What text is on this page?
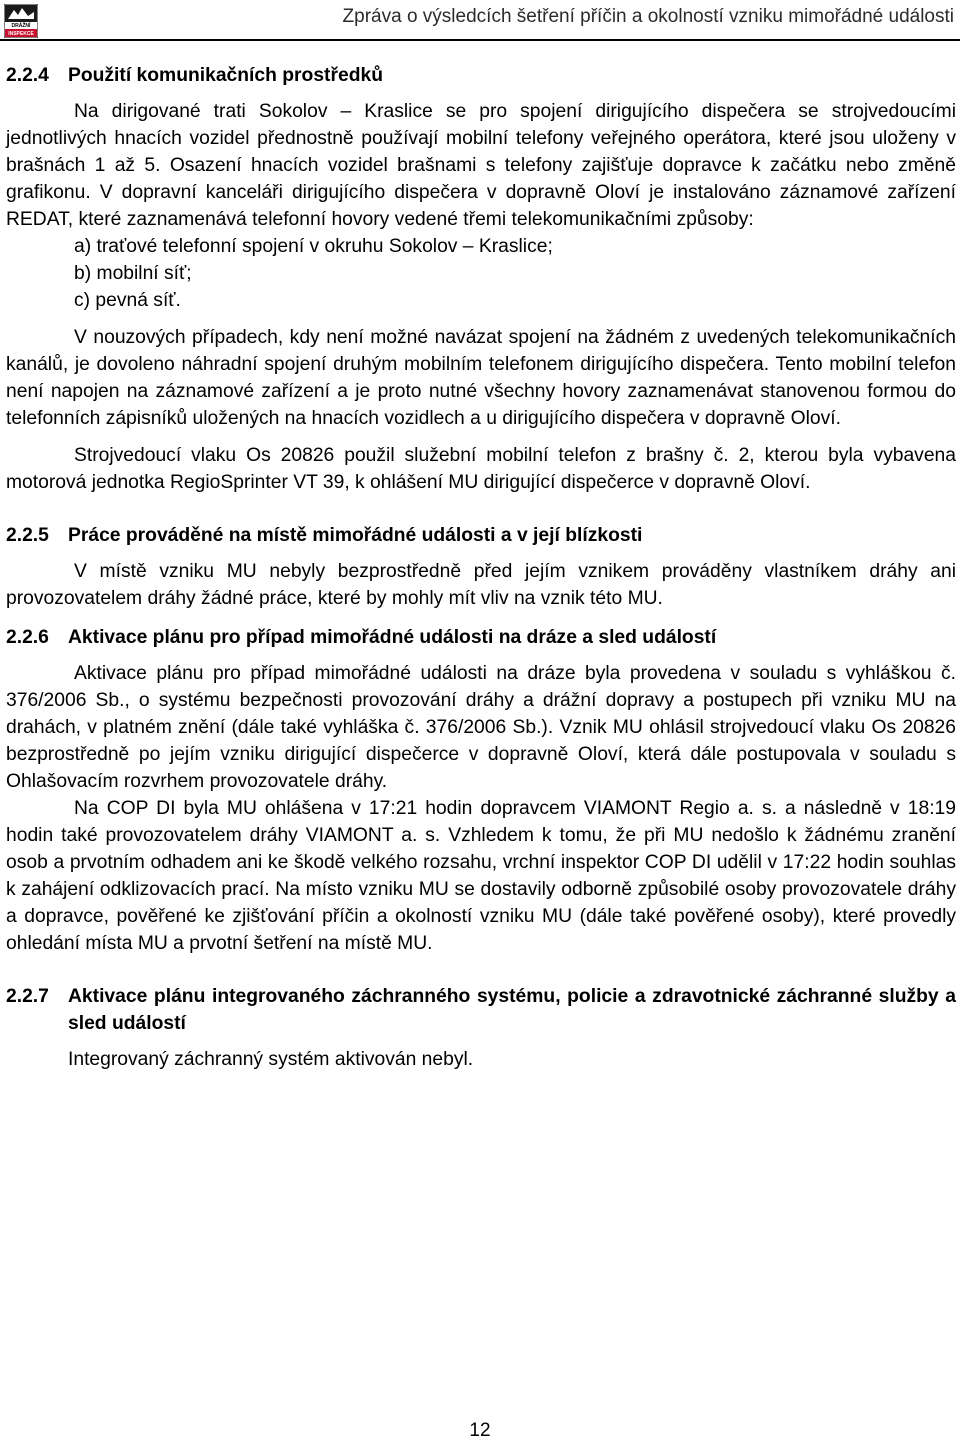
DRÁŽNÍ
INSPEKCE
Zpráva o výsledcích šetření příčin a okolností vzniku mimořádné události
2.2.4 Použití komunikačních prostředků

Na dirigované trati Sokolov – Kraslice se pro spojení dirigujícího dispečera se strojvedoucími jednotlivých hnacích vozidel přednostně používají mobilní telefony veřejného operátora, které jsou uloženy v brašnách 1 až 5. Osazení hnacích vozidel brašnami s telefony zajišťuje dopravce k začátku nebo změně grafikonu. V dopravní kanceláři dirigujícího dispečera v dopravně Oloví je instalováno záznamové zařízení REDAT, které zaznamenává telefonní hovory vedené třemi telekomunikačními způsoby:

a) traťové telefonní spojení v okruhu Sokolov – Kraslice;

b) mobilní síť;

c) pevná síť.

V nouzových případech, kdy není možné navázat spojení na žádném z uvedených telekomunikačních kanálů, je dovoleno náhradní spojení druhým mobilním telefonem dirigujícího dispečera. Tento mobilní telefon není napojen na záznamové zařízení a je proto nutné všechny hovory zaznamenávat stanovenou formou do telefonních zápisníků uložených na hnacích vozidlech a u dirigujícího dispečera v dopravně Oloví.

Strojvedoucí vlaku Os 20826 použil služební mobilní telefon z brašny č. 2, kterou byla vybavena motorová jednotka RegioSprinter VT 39, k ohlášení MU dirigující dispečerce v dopravně Oloví.

2.2.5 Práce prováděné na místě mimořádné události a v její blízkosti

V místě vzniku MU nebyly bezprostředně před jejím vznikem prováděny vlastníkem dráhy ani provozovatelem dráhy žádné práce, které by mohly mít vliv na vznik této MU.

2.2.6 Aktivace plánu pro případ mimořádné události na dráze a sled událostí

Aktivace plánu pro případ mimořádné události na dráze byla provedena v souladu s vyhláškou č. 376/2006 Sb., o systému bezpečnosti provozování dráhy a drážní dopravy a postupech při vzniku MU na drahách, v platném znění (dále také vyhláška č. 376/2006 Sb.). Vznik MU ohlásil strojvedoucí vlaku Os 20826 bezprostředně po jejím vzniku dirigující dispečerce v dopravně Oloví, která dále postupovala v souladu s Ohlašovacím rozvrhem provozovatele dráhy.

Na COP DI byla MU ohlášena v 17:21 hodin dopravcem VIAMONT Regio a. s. a následně v 18:19 hodin také provozovatelem dráhy VIAMONT a. s. Vzhledem k tomu, že při MU nedošlo k žádnému zranění osob a prvotním odhadem ani ke škodě velkého rozsahu, vrchní inspektor COP DI udělil v 17:22 hodin souhlas k zahájení odklizovacích prací. Na místo vzniku MU se dostavily odborně způsobilé osoby provozovatele dráhy a dopravce, pověřené ke zjišťování příčin a okolností vzniku MU (dále také pověřené osoby), které provedly ohledání místa MU a prvotní šetření na místě MU.

2.2.7 Aktivace plánu integrovaného záchranného systému, policie a zdravotnické záchranné služby a sled událostí

Integrovaný záchranný systém aktivován nebyl.

12
